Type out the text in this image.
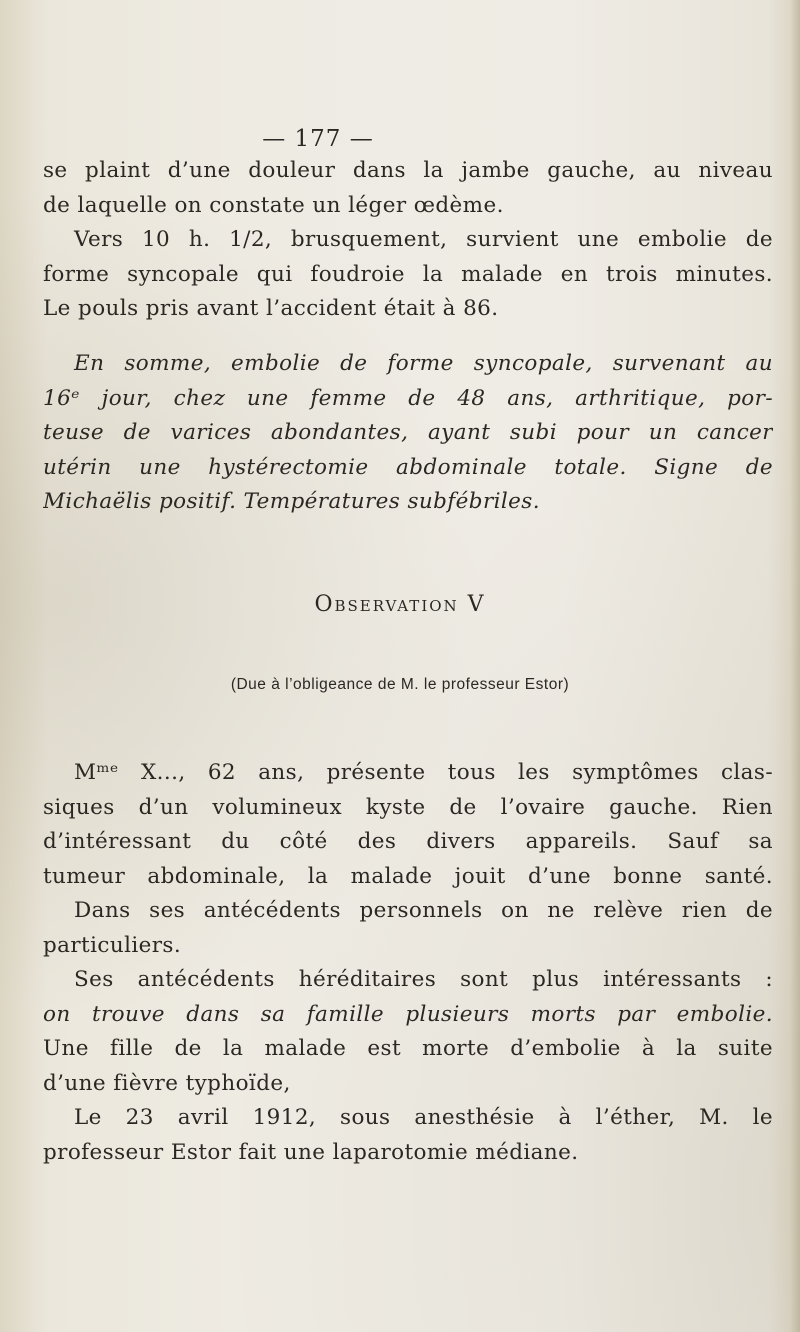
— 177 —
se plaint d’une douleur dans la jambe gauche, au niveau
de laquelle on constate un léger œdème.
Vers 10 h. 1/2, brusquement, survient une embolie de
forme syncopale qui foudroie la malade en trois minutes.
Le pouls pris avant l’accident était à 86.
En somme, embolie de forme syncopale, survenant au
16ᵉ jour, chez une femme de 48 ans, arthritique, por-
teuse de varices abondantes, ayant subi pour un cancer
utérin une hystérectomie abdominale totale. Signe de
Michaëlis positif. Températures subfébriles.
Observation V
(Due à l’obligeance de M. le professeur Estor)
Mᵐᵉ X..., 62 ans, présente tous les symptômes clas-
siques d’un volumineux kyste de l’ovaire gauche. Rien
d’intéressant du côté des divers appareils. Sauf sa
tumeur abdominale, la malade jouit d’une bonne santé.
Dans ses antécédents personnels on ne relève rien de
particuliers.
Ses antécédents héréditaires sont plus intéressants :
on trouve dans sa famille plusieurs morts par embolie.
Une fille de la malade est morte d’embolie à la suite
d’une fièvre typhoïde,
Le 23 avril 1912, sous anesthésie à l’éther, M. le
professeur Estor fait une laparotomie médiane.
